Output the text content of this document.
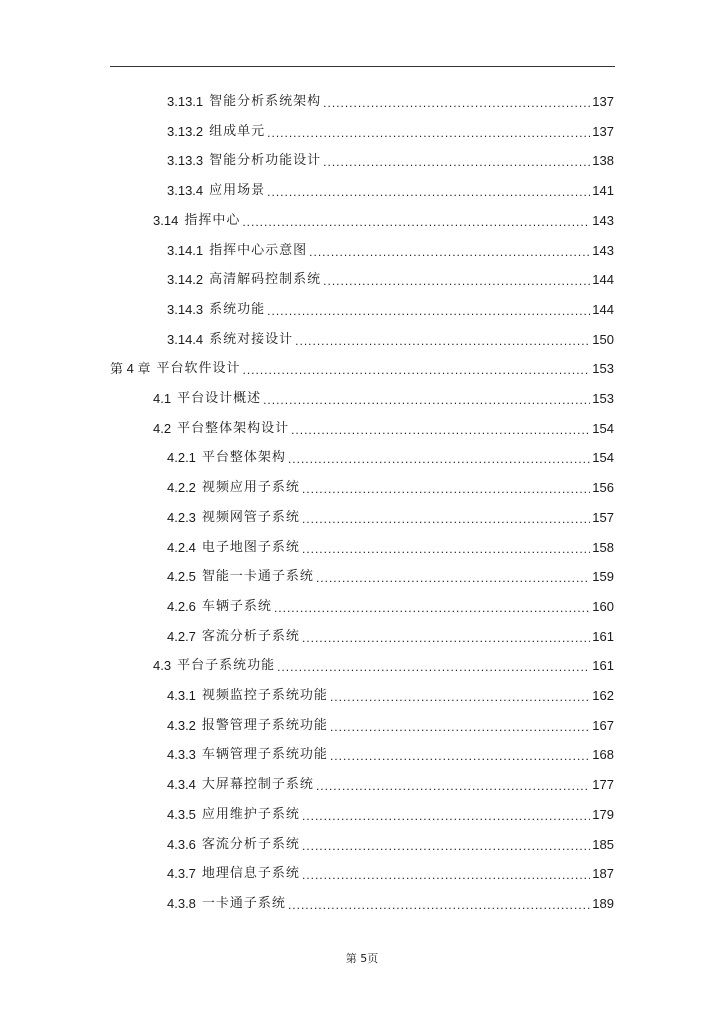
3.13.1 智能分析系统架构 .....	137
3.13.2 组成单元 .....	137
3.13.3 智能分析功能设计 .....	138
3.13.4 应用场景 .....	141
3.14 指挥中心 .....	143
3.14.1 指挥中心示意图 .....	143
3.14.2 高清解码控制系统 .....	144
3.14.3 系统功能 .....	144
3.14.4 系统对接设计 .....	150
第 4 章 平台软件设计 .....	153
4.1 平台设计概述 .....	153
4.2 平台整体架构设计 .....	154
4.2.1 平台整体架构 .....	154
4.2.2 视频应用子系统 .....	156
4.2.3 视频网管子系统 .....	157
4.2.4 电子地图子系统 .....	158
4.2.5 智能一卡通子系统 .....	159
4.2.6 车辆子系统 .....	160
4.2.7 客流分析子系统 .....	161
4.3 平台子系统功能 .....	161
4.3.1 视频监控子系统功能 .....	162
4.3.2 报警管理子系统功能 .....	167
4.3.3 车辆管理子系统功能 .....	168
4.3.4 大屏幕控制子系统 .....	177
4.3.5 应用维护子系统 .....	179
4.3.6 客流分析子系统 .....	185
4.3.7 地理信息子系统 .....	187
4.3.8 一卡通子系统 .....	189
第 5页
